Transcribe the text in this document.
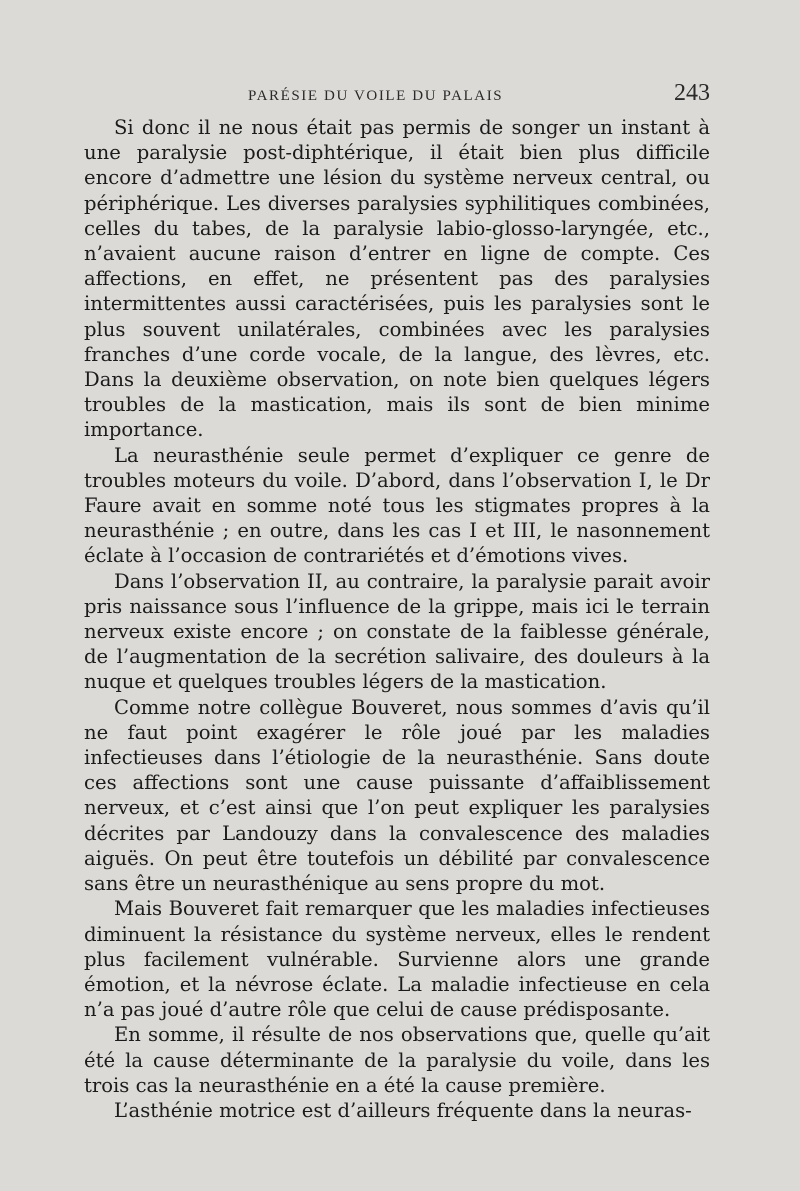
PARÉSIE DU VOILE DU PALAIS	243

Si donc il ne nous était pas permis de songer un instant à une paralysie post-diphtérique, il était bien plus difficile encore d’admettre une lésion du système nerveux central, ou périphérique. Les diverses paralysies syphilitiques combinées, celles du tabes, de la paralysie labio-glosso-laryngée, etc., n’avaient aucune raison d’entrer en ligne de compte. Ces affections, en effet, ne présentent pas des paralysies intermittentes aussi caractérisées, puis les paralysies sont le plus souvent unilatérales, combinées avec les paralysies franches d’une corde vocale, de la langue, des lèvres, etc. Dans la deuxième observation, on note bien quelques légers troubles de la mastication, mais ils sont de bien minime importance.

La neurasthénie seule permet d’expliquer ce genre de troubles moteurs du voile. D’abord, dans l’observation I, le Dr Faure avait en somme noté tous les stigmates propres à la neurasthénie ; en outre, dans les cas I et III, le nasonnement éclate à l’occasion de contrariétés et d’émotions vives.

Dans l’observation II, au contraire, la paralysie parait avoir pris naissance sous l’influence de la grippe, mais ici le terrain nerveux existe encore ; on constate de la faiblesse générale, de l’augmentation de la secrétion salivaire, des douleurs à la nuque et quelques troubles légers de la mastication.

Comme notre collègue Bouveret, nous sommes d’avis qu’il ne faut point exagérer le rôle joué par les maladies infectieuses dans l’étiologie de la neurasthénie. Sans doute ces affections sont une cause puissante d’affaiblissement nerveux, et c’est ainsi que l’on peut expliquer les paralysies décrites par Landouzy dans la convalescence des maladies aiguës. On peut être toutefois un débilité par convalescence sans être un neurasthénique au sens propre du mot.

Mais Bouveret fait remarquer que les maladies infectieuses diminuent la résistance du système nerveux, elles le rendent plus facilement vulnérable. Survienne alors une grande émotion, et la névrose éclate. La maladie infectieuse en cela n’a pas joué d’autre rôle que celui de cause prédisposante.

En somme, il résulte de nos observations que, quelle qu’ait été la cause déterminante de la paralysie du voile, dans les trois cas la neurasthénie en a été la cause première.

L’asthénie motrice est d’ailleurs fréquente dans la neuras-
